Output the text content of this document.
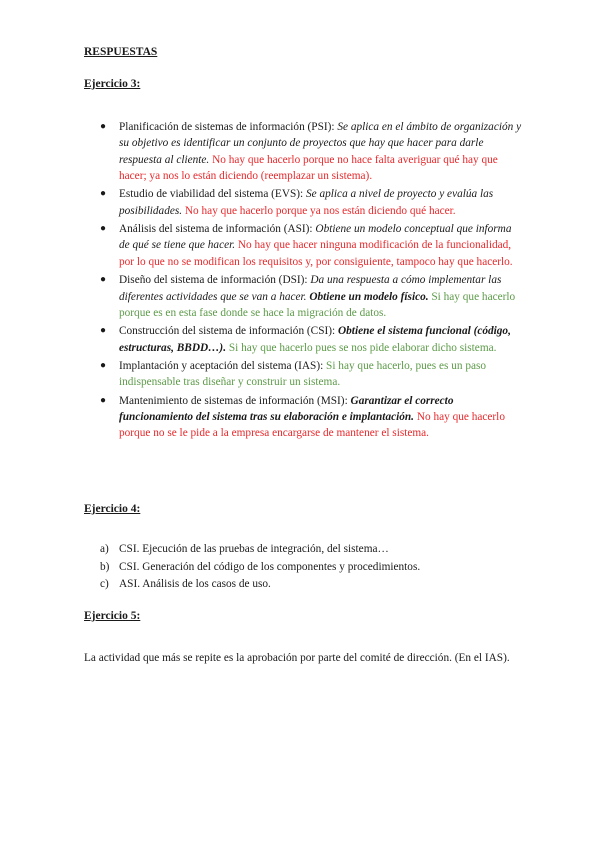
RESPUESTAS
Ejercicio 3:
● Planificación de sistemas de información (PSI): Se aplica en el ámbito de organización y su objetivo es identificar un conjunto de proyectos que hay que hacer para darle respuesta al cliente. No hay que hacerlo porque no hace falta averiguar qué hay que hacer; ya nos lo están diciendo (reemplazar un sistema).
● Estudio de viabilidad del sistema (EVS): Se aplica a nivel de proyecto y evalúa las posibilidades. No hay que hacerlo porque ya nos están diciendo qué hacer.
● Análisis del sistema de información (ASI): Obtiene un modelo conceptual que informa de qué se tiene que hacer. No hay que hacer ninguna modificación de la funcionalidad, por lo que no se modifican los requisitos y, por consiguiente, tampoco hay que hacerlo.
● Diseño del sistema de información (DSI): Da una respuesta a cómo implementar las diferentes actividades que se van a hacer. Obtiene un modelo físico. Si hay que hacerlo porque es en esta fase donde se hace la migración de datos.
● Construcción del sistema de información (CSI): Obtiene el sistema funcional (código, estructuras, BBDD…). Si hay que hacerlo pues se nos pide elaborar dicho sistema.
● Implantación y aceptación del sistema (IAS): Si hay que hacerlo, pues es un paso indispensable tras diseñar y construir un sistema.
● Mantenimiento de sistemas de información (MSI): Garantizar el correcto funcionamiento del sistema tras su elaboración e implantación. No hay que hacerlo porque no se le pide a la empresa encargarse de mantener el sistema.
Ejercicio 4:
a) CSI. Ejecución de las pruebas de integración, del sistema…
b) CSI. Generación del código de los componentes y procedimientos.
c) ASI. Análisis de los casos de uso.
Ejercicio 5:
La actividad que más se repite es la aprobación por parte del comité de dirección. (En el IAS).
